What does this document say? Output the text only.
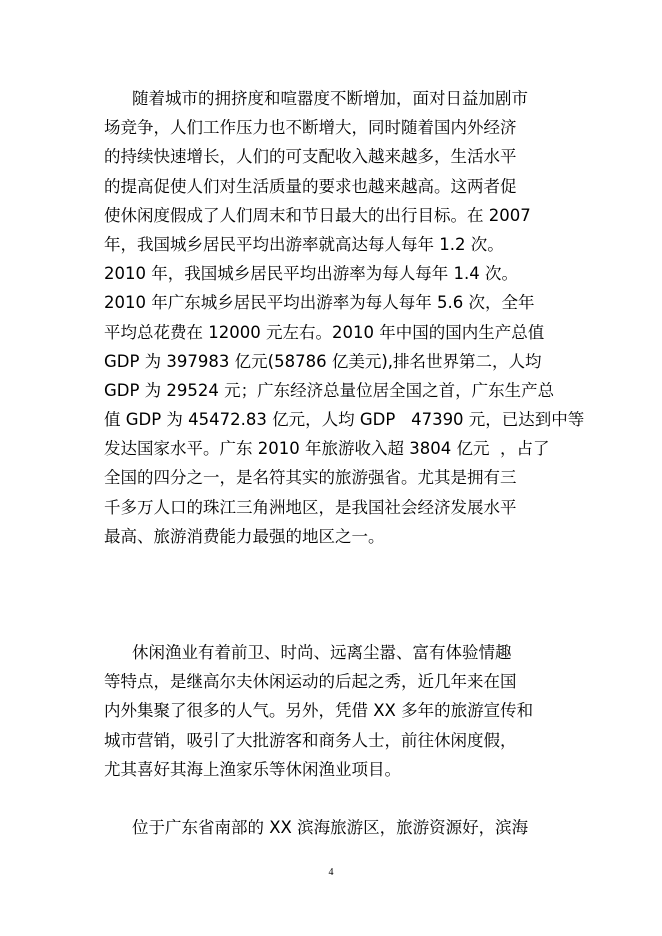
随着城市的拥挤度和喧嚣度不断增加，面对日益加剧市
场竞争，人们工作压力也不断增大，同时随着国内外经济
的持续快速增长，人们的可支配收入越来越多，生活水平
的提高促使人们对生活质量的要求也越来越高。这两者促
使休闲度假成了人们周末和节日最大的出行目标。在 2007
年，我国城乡居民平均出游率就高达每人每年 1.2 次。
2010 年，我国城乡居民平均出游率为每人每年 1.4 次。
2010 年广东城乡居民平均出游率为每人每年 5.6 次，全年
平均总花费在 12000 元左右。2010 年中国的国内生产总值
GDP 为 397983 亿元(58786 亿美元),排名世界第二，人均
GDP 为 29524 元；广东经济总量位居全国之首，广东生产总
值 GDP 为 45472.83 亿元，人均 GDP   47390 元，已达到中等
发达国家水平。广东 2010 年旅游收入超 3804 亿元  ，占了
全国的四分之一，是名符其实的旅游强省。尤其是拥有三
千多万人口的珠江三角洲地区，是我国社会经济发展水平
最高、旅游消费能力最强的地区之一。
休闲渔业有着前卫、时尚、远离尘嚣、富有体验情趣
等特点，是继高尔夫休闲运动的后起之秀，近几年来在国
内外集聚了很多的人气。另外，凭借 XX 多年的旅游宣传和
城市营销，吸引了大批游客和商务人士，前往休闲度假，
尤其喜好其海上渔家乐等休闲渔业项目。
位于广东省南部的 XX 滨海旅游区，旅游资源好，滨海
4
